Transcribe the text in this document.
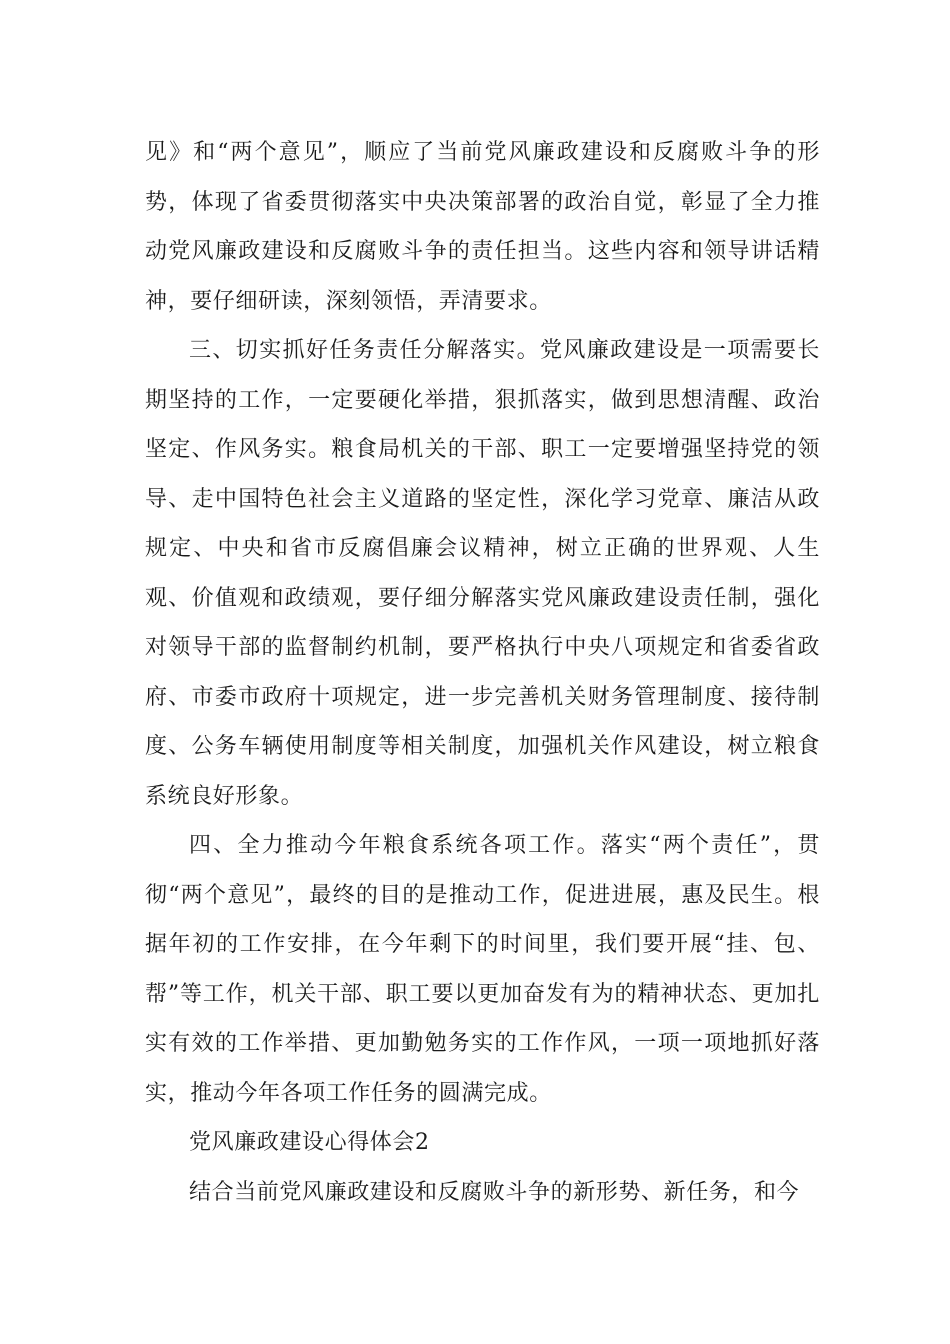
见》和“两个意见”，顺应了当前党风廉政建设和反腐败斗争的形势，体现了省委贯彻落实中央决策部署的政治自觉，彰显了全力推动党风廉政建设和反腐败斗争的责任担当。这些内容和领导讲话精神，要仔细研读，深刻领悟，弄清要求。

三、切实抓好任务责任分解落实。党风廉政建设是一项需要长期坚持的工作，一定要硬化举措，狠抓落实，做到思想清醒、政治坚定、作风务实。粮食局机关的干部、职工一定要增强坚持党的领导、走中国特色社会主义道路的坚定性，深化学习党章、廉洁从政规定、中央和省市反腐倡廉会议精神，树立正确的世界观、人生观、价值观和政绩观，要仔细分解落实党风廉政建设责任制，强化对领导干部的监督制约机制，要严格执行中央八项规定和省委省政府、市委市政府十项规定，进一步完善机关财务管理制度、接待制度、公务车辆使用制度等相关制度，加强机关作风建设，树立粮食系统良好形象。

四、全力推动今年粮食系统各项工作。落实“两个责任”，贯彻“两个意见”，最终的目的是推动工作，促进进展，惠及民生。根据年初的工作安排，在今年剩下的时间里，我们要开展“挂、包、帮”等工作，机关干部、职工要以更加奋发有为的精神状态、更加扎实有效的工作举措、更加勤勉务实的工作作风，一项一项地抓好落实，推动今年各项工作任务的圆满完成。

党风廉政建设心得体会2

结合当前党风廉政建设和反腐败斗争的新形势、新任务，和今
